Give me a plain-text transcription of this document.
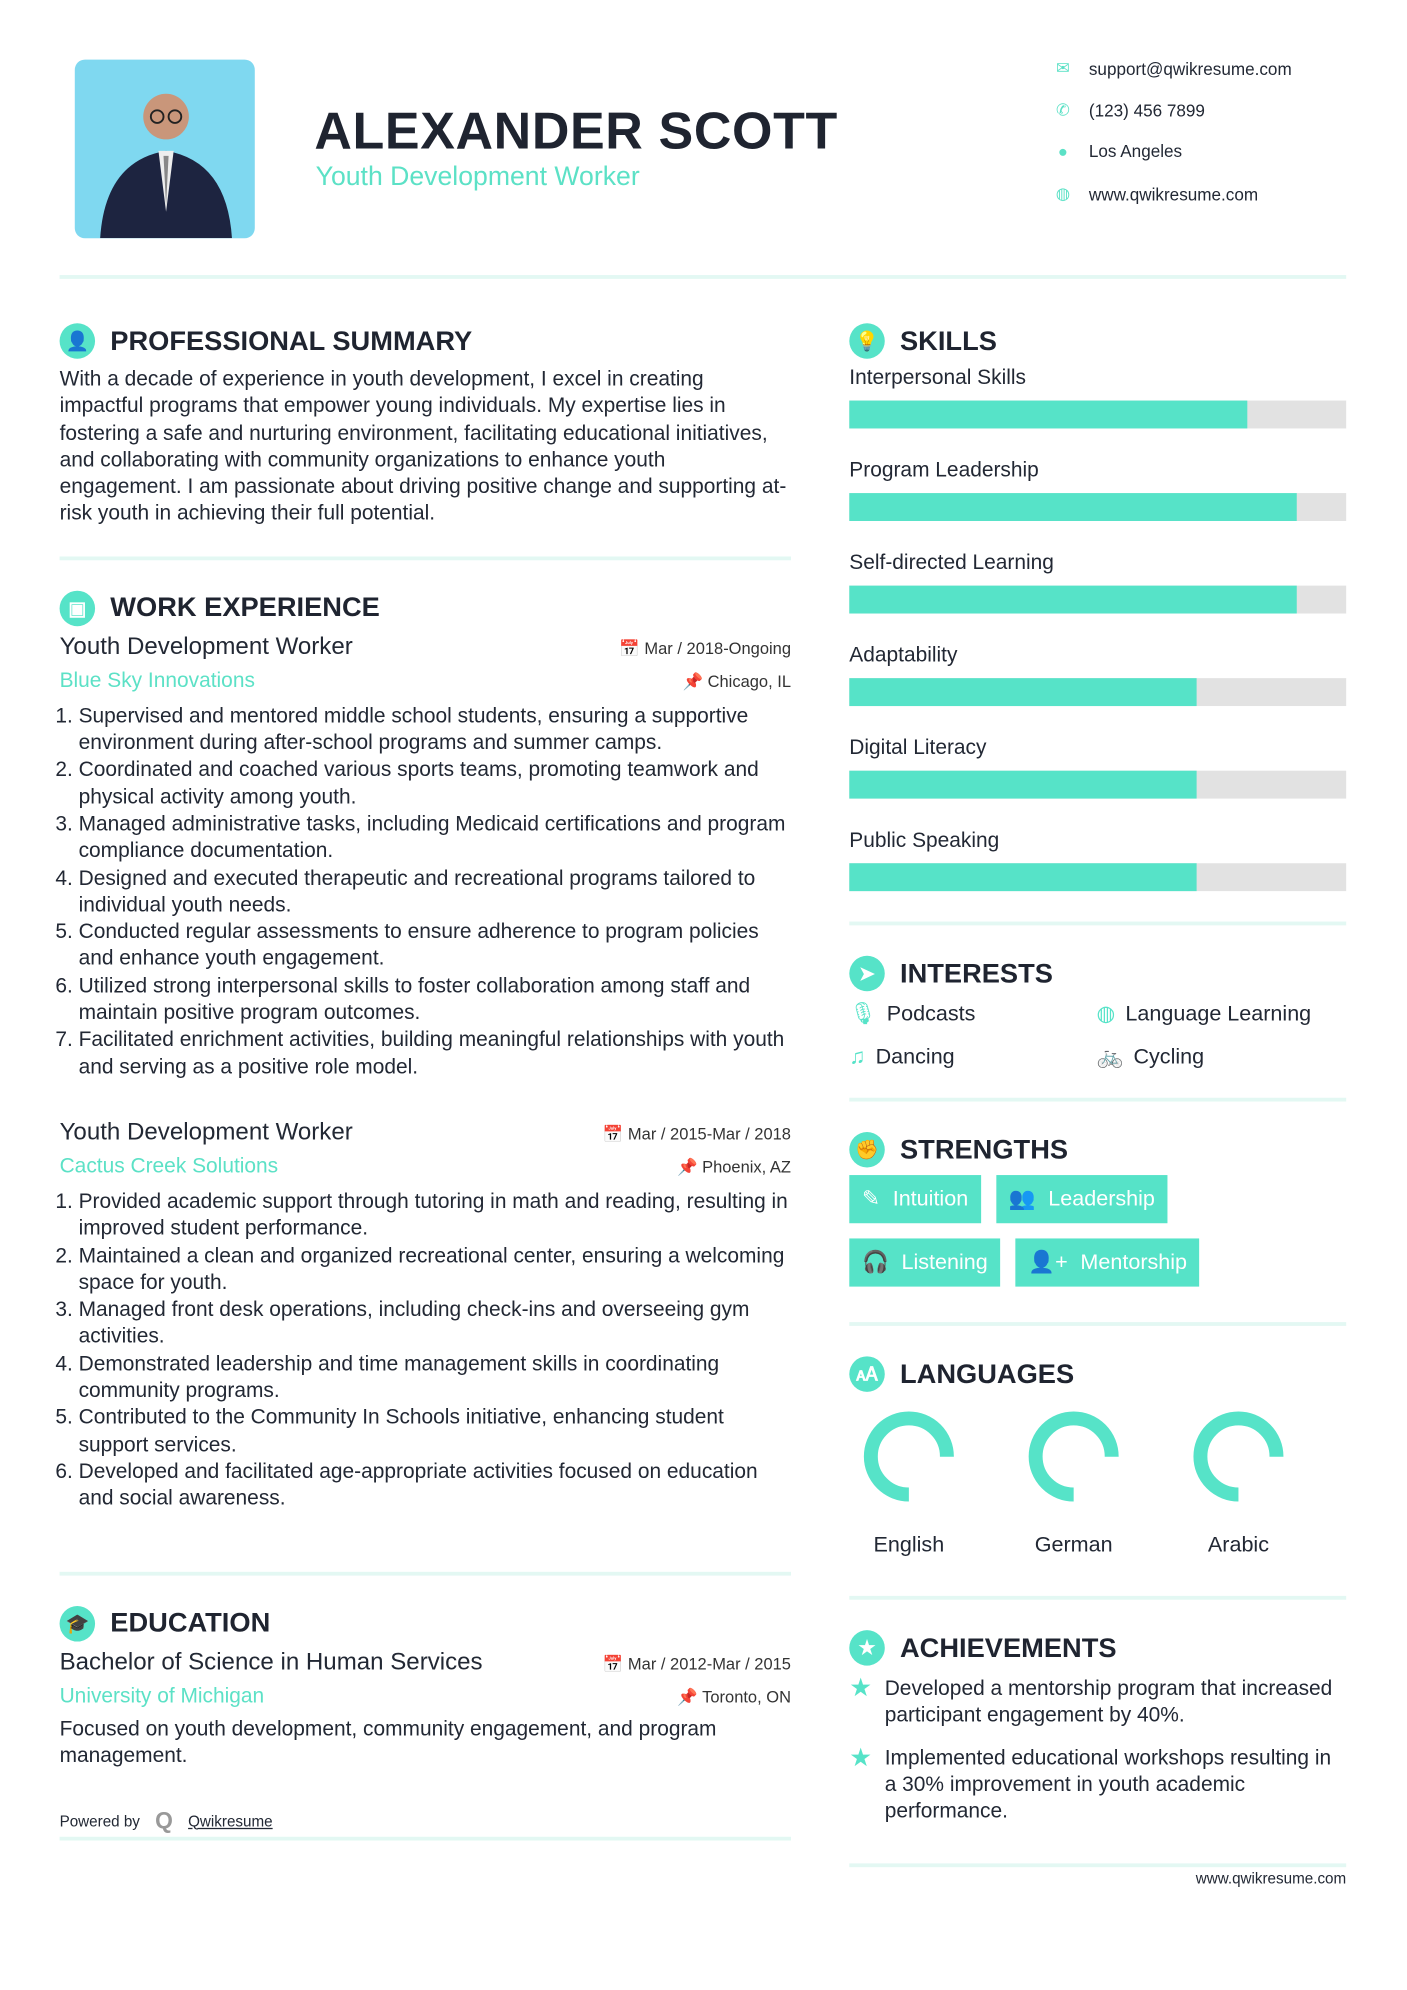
ALEXANDER SCOTT
Youth Development Worker
✉ support@qwikresume.com
✆ (123) 456 7899
● Los Angeles
◍ www.qwikresume.com
👤 PROFESSIONAL SUMMARY
With a decade of experience in youth development, I excel in creating impactful programs that empower young individuals. My expertise lies in fostering a safe and nurturing environment, facilitating educational initiatives, and collaborating with community organizations to enhance youth engagement. I am passionate about driving positive change and supporting at-risk youth in achieving their full potential.
▣	WORK EXPERIENCE
Youth Development Worker	📅 Mar / 2018-Ongoing
Blue Sky Innovations	📌 Chicago, IL
1. Supervised and mentored middle school students, ensuring a supportive environment during after-school programs and summer camps.
2. Coordinated and coached various sports teams, promoting teamwork and physical activity among youth.
3. Managed administrative tasks, including Medicaid certifications and program compliance documentation.
4. Designed and executed therapeutic and recreational programs tailored to individual youth needs.
5. Conducted regular assessments to ensure adherence to program policies and enhance youth engagement.
6. Utilized strong interpersonal skills to foster collaboration among staff and maintain positive program outcomes.
7. Facilitated enrichment activities, building meaningful relationships with youth and serving as a positive role model.
Youth Development Worker	📅 Mar / 2015-Mar / 2018
Cactus Creek Solutions	📌 Phoenix, AZ
1. Provided academic support through tutoring in math and reading, resulting in improved student performance.
2. Maintained a clean and organized recreational center, ensuring a welcoming space for youth.
3. Managed front desk operations, including check-ins and overseeing gym activities.
4. Demonstrated leadership and time management skills in coordinating community programs.
5. Contributed to the Community In Schools initiative, enhancing student support services.
6. Developed and facilitated age-appropriate activities focused on education and social awareness.
🎓 EDUCATION
Bachelor of Science in Human Services	📅 Mar / 2012-Mar / 2015
University of Michigan	📌 Toronto, ON
Focused on youth development, community engagement, and program management.
Powered by Q Qwikresume
💡 SKILLS
Interpersonal Skills
Program Leadership
Self-directed Learning
Adaptability
Digital Literacy
Public Speaking
➤	INTERESTS
🎙 Podcasts	◍ Language Learning
♫ Dancing	🚲 Cycling
✊ STRENGTHS
✎ Intuition 👥 Leadership
🎧 Listening 👤+ Mentorship
🗚	LANGUAGES
English	German	Arabic
★	ACHIEVEMENTS
★ Developed a mentorship program that increased participant engagement by 40%.
★ Implemented educational workshops resulting in a 30% improvement in youth academic performance.
www.qwikresume.com
